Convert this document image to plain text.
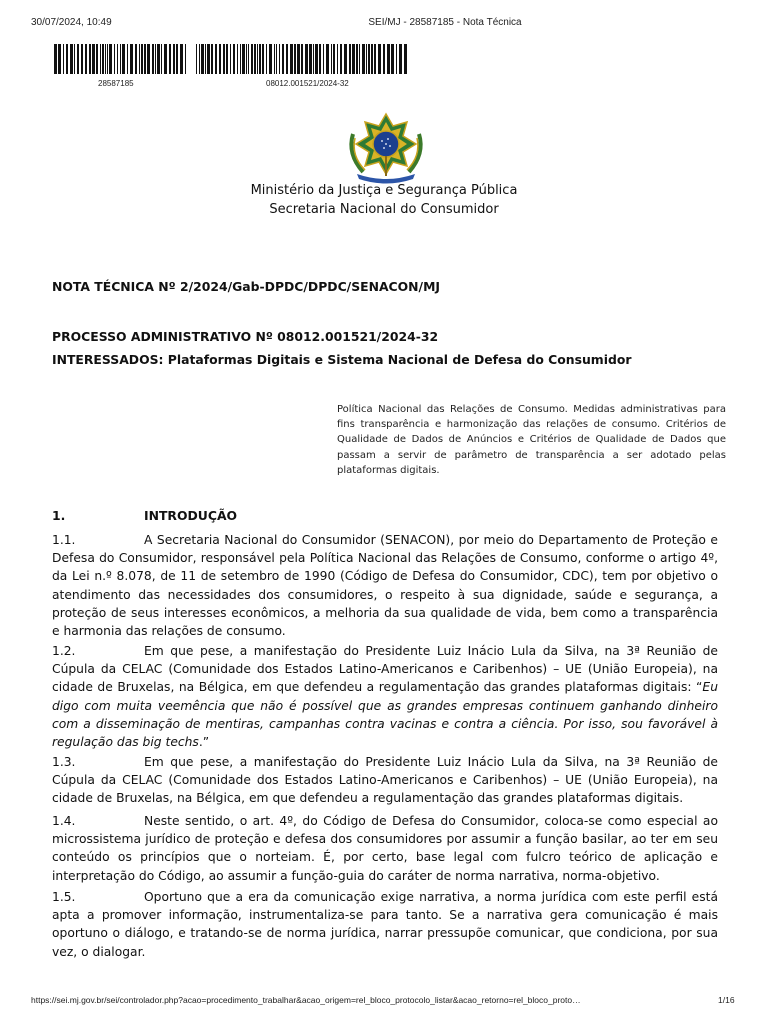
30/07/2024, 10:49	SEI/MJ - 28587185 - Nota Técnica
28587185	08012.001521/2024-32
Ministério da Justiça e Segurança Pública
Secretaria Nacional do Consumidor
NOTA TÉCNICA Nº 2/2024/Gab-DPDC/DPDC/SENACON/MJ
PROCESSO ADMINISTRATIVO Nº 08012.001521/2024-32
INTERESSADOS: Plataformas Digitais e Sistema Nacional de Defesa do Consumidor
Política Nacional das Relações de Consumo. Medidas administrativas para fins transparência e harmonização das relações de consumo. Critérios de Qualidade de Dados de Anúncios e Critérios de Qualidade de Dados que passam a servir de parâmetro de transparência a ser adotado pelas plataformas digitais.
1.	INTRODUÇÃO
1.1.	A Secretaria Nacional do Consumidor (SENACON), por meio do Departamento de Proteção e Defesa do Consumidor, responsável pela Política Nacional das Relações de Consumo, conforme o artigo 4º, da Lei n.º 8.078, de 11 de setembro de 1990 (Código de Defesa do Consumidor, CDC), tem por objetivo o atendimento das necessidades dos consumidores, o respeito à sua dignidade, saúde e segurança, a proteção de seus interesses econômicos, a melhoria da sua qualidade de vida, bem como a transparência e harmonia das relações de consumo.
1.2.	Em que pese, a manifestação do Presidente Luiz Inácio Lula da Silva, na 3ª Reunião de Cúpula da CELAC (Comunidade dos Estados Latino-Americanos e Caribenhos) – UE (União Europeia), na cidade de Bruxelas, na Bélgica, em que defendeu a regulamentação das grandes plataformas digitais: “Eu digo com muita veemência que não é possível que as grandes empresas continuem ganhando dinheiro com a disseminação de mentiras, campanhas contra vacinas e contra a ciência. Por isso, sou favorável à regulação das big techs.”
1.3.	Em que pese, a manifestação do Presidente Luiz Inácio Lula da Silva, na 3ª Reunião de Cúpula da CELAC (Comunidade dos Estados Latino-Americanos e Caribenhos) – UE (União Europeia), na cidade de Bruxelas, na Bélgica, em que defendeu a regulamentação das grandes plataformas digitais.
1.4.	Neste sentido, o art. 4º, do Código de Defesa do Consumidor, coloca-se como especial ao microssistema jurídico de proteção e defesa dos consumidores por assumir a função basilar, ao ter em seu conteúdo os princípios que o norteiam. É, por certo, base legal com fulcro teórico de aplicação e interpretação do Código, ao assumir a função-guia do caráter de norma narrativa, norma-objetivo.
1.5.	Oportuno que a era da comunicação exige narrativa, a norma jurídica com este perfil está apta a promover informação, instrumentaliza-se para tanto. Se a narrativa gera comunicação é mais oportuno o diálogo, e tratando-se de norma jurídica, narrar pressupõe comunicar, que condiciona, por sua vez, o dialogar.
https://sei.mj.gov.br/sei/controlador.php?acao=procedimento_trabalhar&acao_origem=rel_bloco_protocolo_listar&acao_retorno=rel_bloco_proto…	1/16
